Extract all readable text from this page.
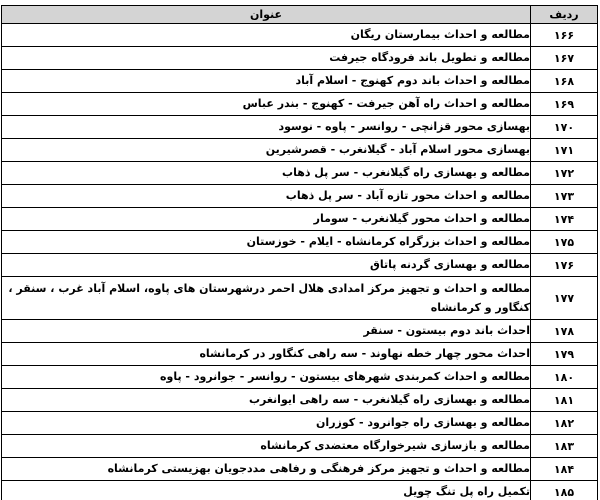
ردیف	عنوان
۱۶۶	مطالعه و احداث بیمارستان ریگان
۱۶۷	مطالعه و تطویل باند فرودگاه جیرفت
۱۶۸	مطالعه و احداث باند دوم کهنوج - اسلام آباد
۱۶۹	مطالعه و احداث راه آهن جیرفت - کهنوج - بندر عباس
۱۷۰	بهسازی محور قزانچی - روانسر - پاوه - نوسود
۱۷۱	بهسازی محور اسلام آباد - گیلانغرب - قصرشیرین
۱۷۲	مطالعه و بهسازی راه گیلانغرب - سر پل ذهاب
۱۷۳	مطالعه و احداث محور تازه آباد - سر پل ذهاب
۱۷۴	مطالعه و احداث محور گیلانغرب - سومار
۱۷۵	مطالعه و احداث بزرگراه کرمانشاه - ایلام - خوزستان
۱۷۶	مطالعه و بهسازی گردنه پاتاق
۱۷۷	مطالعه و احداث و تجهیز مرکز امدادی هلال احمر درشهرستان های پاوه، اسلام آباد غرب ، سنقر ، کنگاور و کرمانشاه
۱۷۸	احداث باند دوم بیستون - سنقر
۱۷۹	احداث محور چهار خطه نهاوند - سه راهی کنگاور در کرمانشاه
۱۸۰	مطالعه و احداث کمربندی شهرهای بیستون - روانسر - جوانرود - پاوه
۱۸۱	مطالعه و بهسازی راه گیلانغرب - سه راهی ایوانغرب
۱۸۲	مطالعه و بهسازی راه جوانرود - کوزران
۱۸۳	مطالعه و بازسازی شیرخوارگاه معتضدی کرمانشاه
۱۸۴	مطالعه و احداث و تجهیز مرکز فرهنگی و رفاهی مددجویان بهزیستی کرمانشاه
۱۸۵	تکمیل راه پل تنگ چویل
